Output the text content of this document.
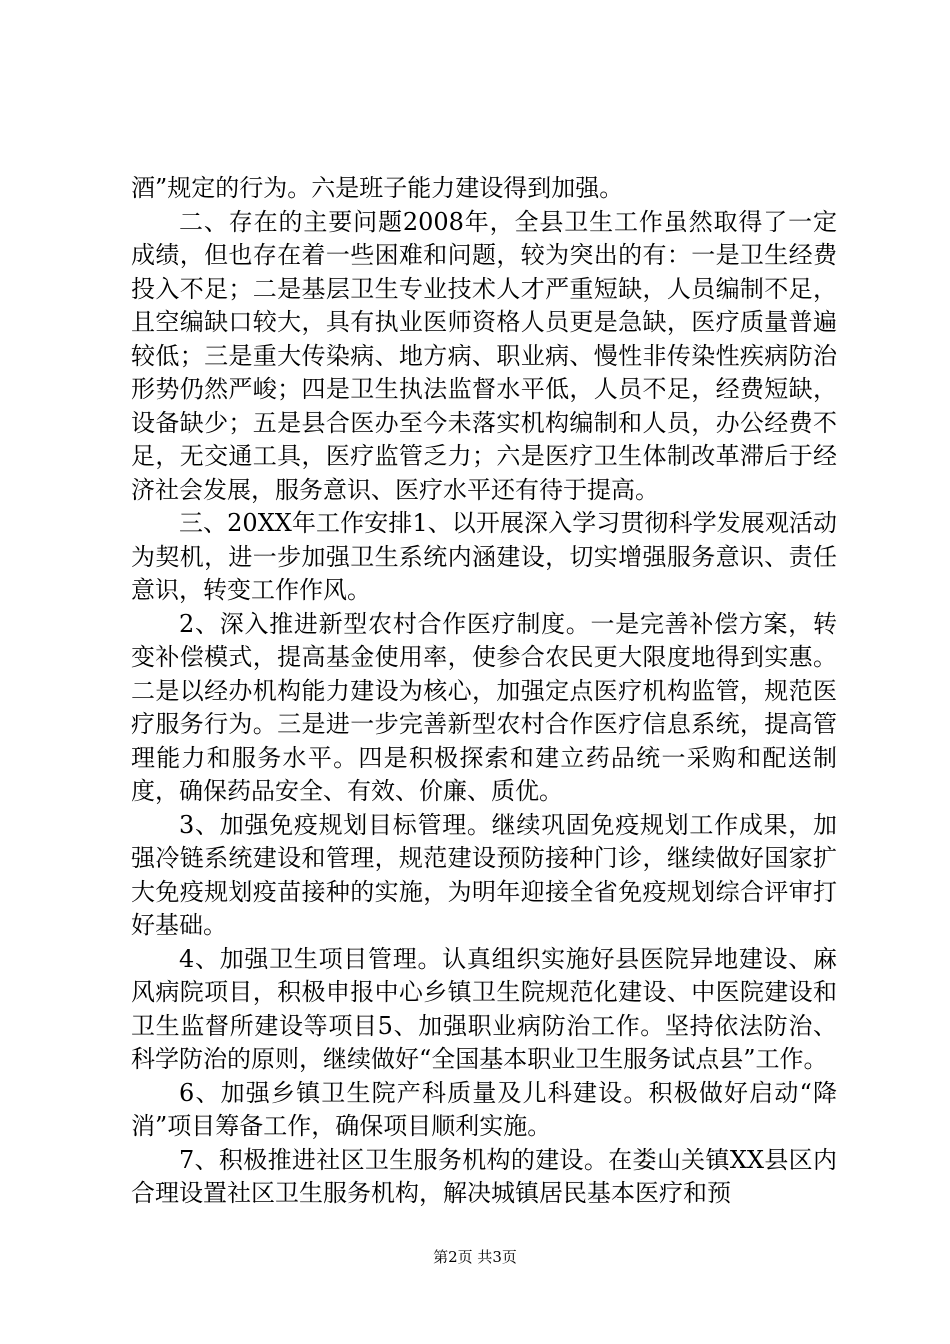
酒”规定的行为。六是班子能力建设得到加强。

二、存在的主要问题2008年，全县卫生工作虽然取得了一定成绩，但也存在着一些困难和问题，较为突出的有：一是卫生经费投入不足；二是基层卫生专业技术人才严重短缺，人员编制不足，且空编缺口较大，具有执业医师资格人员更是急缺，医疗质量普遍较低；三是重大传染病、地方病、职业病、慢性非传染性疾病防治形势仍然严峻；四是卫生执法监督水平低，人员不足，经费短缺，设备缺少；五是县合医办至今未落实机构编制和人员，办公经费不足，无交通工具，医疗监管乏力；六是医疗卫生体制改革滞后于经济社会发展，服务意识、医疗水平还有待于提高。

三、20XX年工作安排1、以开展深入学习贯彻科学发展观活动为契机，进一步加强卫生系统内涵建设，切实增强服务意识、责任意识，转变工作作风。

2、深入推进新型农村合作医疗制度。一是完善补偿方案，转变补偿模式，提高基金使用率，使参合农民更大限度地得到实惠。二是以经办机构能力建设为核心，加强定点医疗机构监管，规范医疗服务行为。三是进一步完善新型农村合作医疗信息系统，提高管理能力和服务水平。四是积极探索和建立药品统一采购和配送制度，确保药品安全、有效、价廉、质优。

3、加强免疫规划目标管理。继续巩固免疫规划工作成果，加强冷链系统建设和管理，规范建设预防接种门诊，继续做好国家扩大免疫规划疫苗接种的实施，为明年迎接全省免疫规划综合评审打好基础。

4、加强卫生项目管理。认真组织实施好县医院异地建设、麻风病院项目，积极申报中心乡镇卫生院规范化建设、中医院建设和卫生监督所建设等项目5、加强职业病防治工作。坚持依法防治、科学防治的原则，继续做好“全国基本职业卫生服务试点县”工作。

6、加强乡镇卫生院产科质量及儿科建设。积极做好启动“降消”项目筹备工作，确保项目顺利实施。

7、积极推进社区卫生服务机构的建设。在娄山关镇XX县区内合理设置社区卫生服务机构，解决城镇居民基本医疗和预

第2页 共3页
